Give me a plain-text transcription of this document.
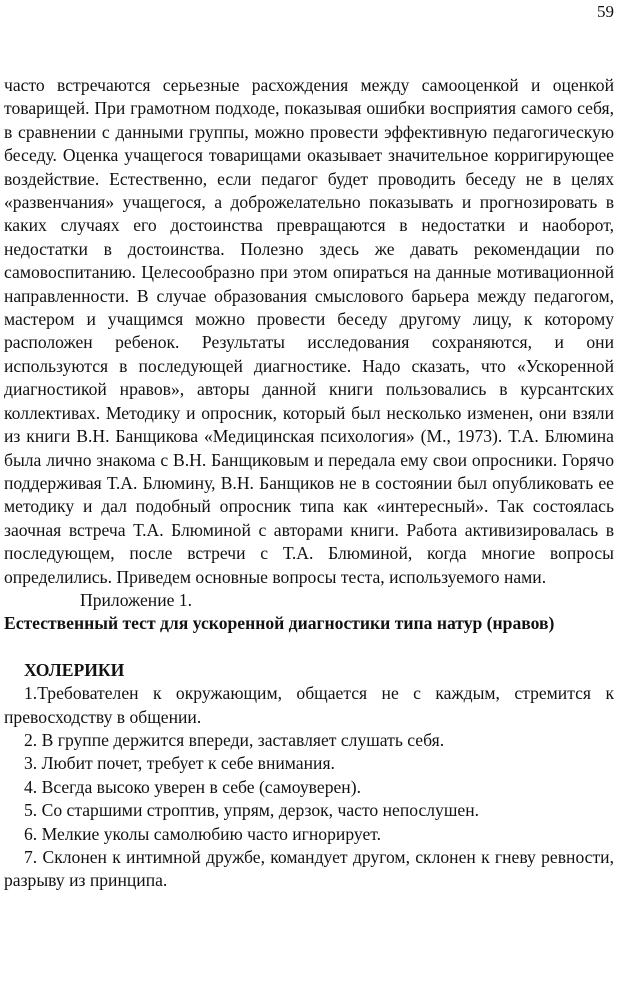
59

часто встречаются серьезные расхождения между самооценкой и оценкой товарищей. При грамотном подходе, показывая ошибки восприятия самого себя, в сравнении с данными группы, можно провести эффективную педагогическую беседу. Оценка учащегося товарищами оказывает значительное корригирующее воздействие. Естественно, если педагог будет проводить беседу не в целях «развенчания» учащегося, а доброжелательно показывать и прогнозировать в каких случаях его достоинства превращаются в недостатки и наоборот, недостатки в достоинства. Полезно здесь же давать рекомендации по самовоспитанию. Целесообразно при этом опираться на данные мотивационной направленности. В случае образования смыслового барьера между педагогом, мастером и учащимся можно провести беседу другому лицу, к которому расположен ребенок. Результаты исследования сохраняются, и они используются в последующей диагностике. Надо сказать, что «Ускоренной диагностикой нравов», авторы данной книги пользовались в курсантских коллективах. Методику и опросник, который был несколько изменен, они взяли из книги В.Н. Банщикова «Медицинская психология» (М., 1973). Т.А. Блюмина была лично знакома с В.Н. Банщиковым и передала ему свои опросники. Горячо поддерживая Т.А. Блюмину, В.Н. Банщиков не в состоянии был опубликовать ее методику и дал подобный опросник типа как «интересный». Так состоялась заочная встреча Т.А. Блюминой с авторами книги. Работа активизировалась в последующем, после встречи с Т.А. Блюминой, когда многие вопросы определились. Приведем основные вопросы теста, используемого нами.

Приложение 1.

Естественный тест для ускоренной диагностики типа натур (нравов)

ХОЛЕРИКИ

1.Требователен к окружающим, общается не с каждым, стремится к превосходству в общении.
2. В группе держится впереди, заставляет слушать себя.
3. Любит почет, требует к себе внимания.
4. Всегда высоко уверен в себе (самоуверен).
5. Со старшими строптив, упрям, дерзок, часто непослушен.
6. Мелкие уколы самолюбию часто игнорирует.
7. Склонен к интимной дружбе, командует другом, склонен к гневу ревности, разрыву из принципа.
